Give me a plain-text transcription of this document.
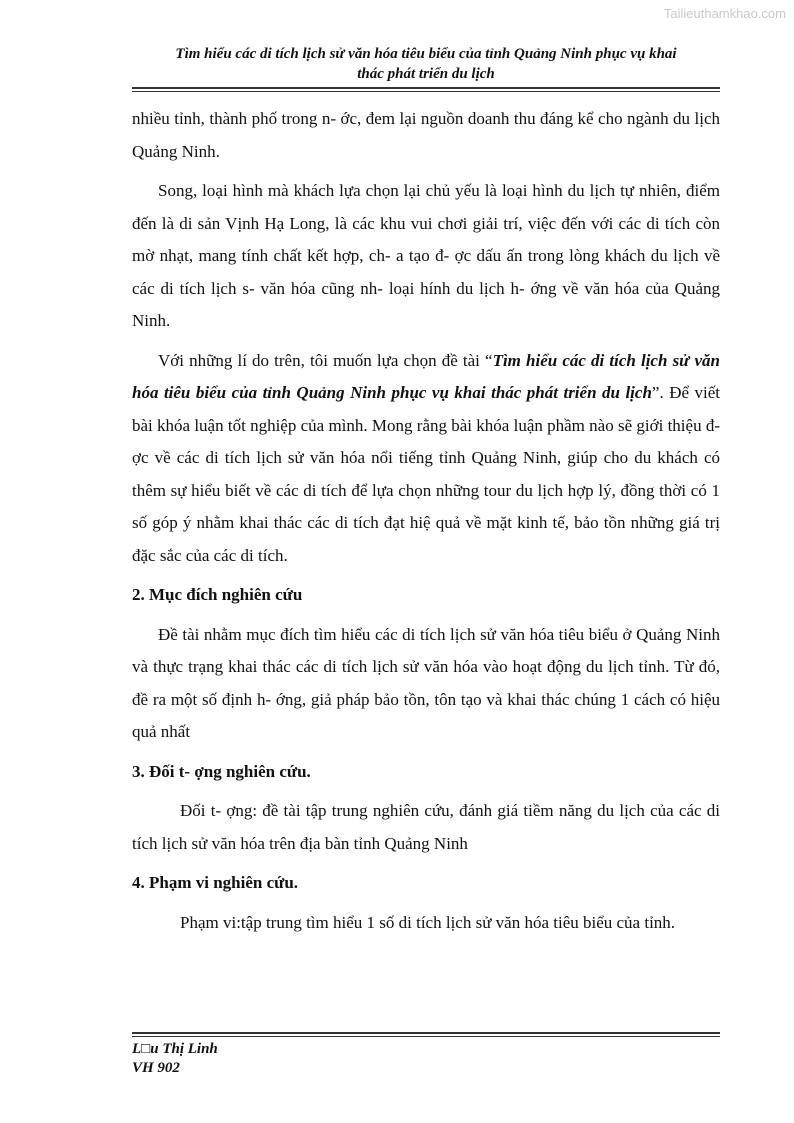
Tailieuthamkhao.com
Tìm hiểu các di tích lịch sử văn hóa tiêu biểu của tỉnh Quảng Ninh phục vụ khai
thác phát triển du lịch

nhiều tỉnh, thành phố trong n- ớc, đem lại nguồn doanh thu đáng kể cho ngành du lịch Quảng Ninh.

Song, loại hình mà khách lựa chọn lại chủ yếu là loại hình du lịch tự nhiên, điểm đến là di sản Vịnh Hạ Long, là các khu vui chơi giải trí, việc đến với các di tích còn mờ nhạt, mang tính chất kết hợp, ch- a tạo đ- ợc dấu ấn trong lòng khách du lịch về các di tích lịch s- văn hóa cũng nh- loại hính du lịch h- ớng về văn hóa của Quảng Ninh.

Với những lí do trên, tôi muốn lựa chọn đề tài “Tìm hiểu các di tích lịch sử văn hóa tiêu biểu của tỉnh Quảng Ninh phục vụ khai thác phát triển du lịch”. Để viết bài khóa luận tốt nghiệp của mình. Mong rằng bài khóa luận phầm nào sẽ giới thiệu đ- ợc về các di tích lịch sử văn hóa nổi tiếng tỉnh Quảng Ninh, giúp cho du khách có thêm sự hiểu biết về các di tích để lựa chọn những tour du lịch hợp lý, đồng thời có 1 số góp ý nhằm khai thác các di tích đạt hiệ quả về mặt kinh tế, bảo tồn những giá trị đặc sắc của các di tích.

2. Mục đích nghiên cứu

Đề tài nhằm mục đích tìm hiểu các di tích lịch sử văn hóa tiêu biểu ở Quảng Ninh và thực trạng khai thác các di tích lịch sử văn hóa vào hoạt động du lịch tỉnh. Từ đó, đề ra một số định h- ớng, giả pháp bảo tồn, tôn tạo và khai thác chúng 1 cách có hiệu quả nhất

3. Đối t- ợng nghiên cứu.

Đối t- ợng: đề tài tập trung nghiên cứu, đánh giá tiềm năng du lịch của các di tích lịch sử văn hóa trên địa bàn tỉnh Quảng Ninh

4. Phạm vi nghiên cứu.

Phạm vi:tập trung tìm hiểu 1 số di tích lịch sử văn hóa tiêu biểu của tỉnh.

L□u Thị Linh
VH 902
